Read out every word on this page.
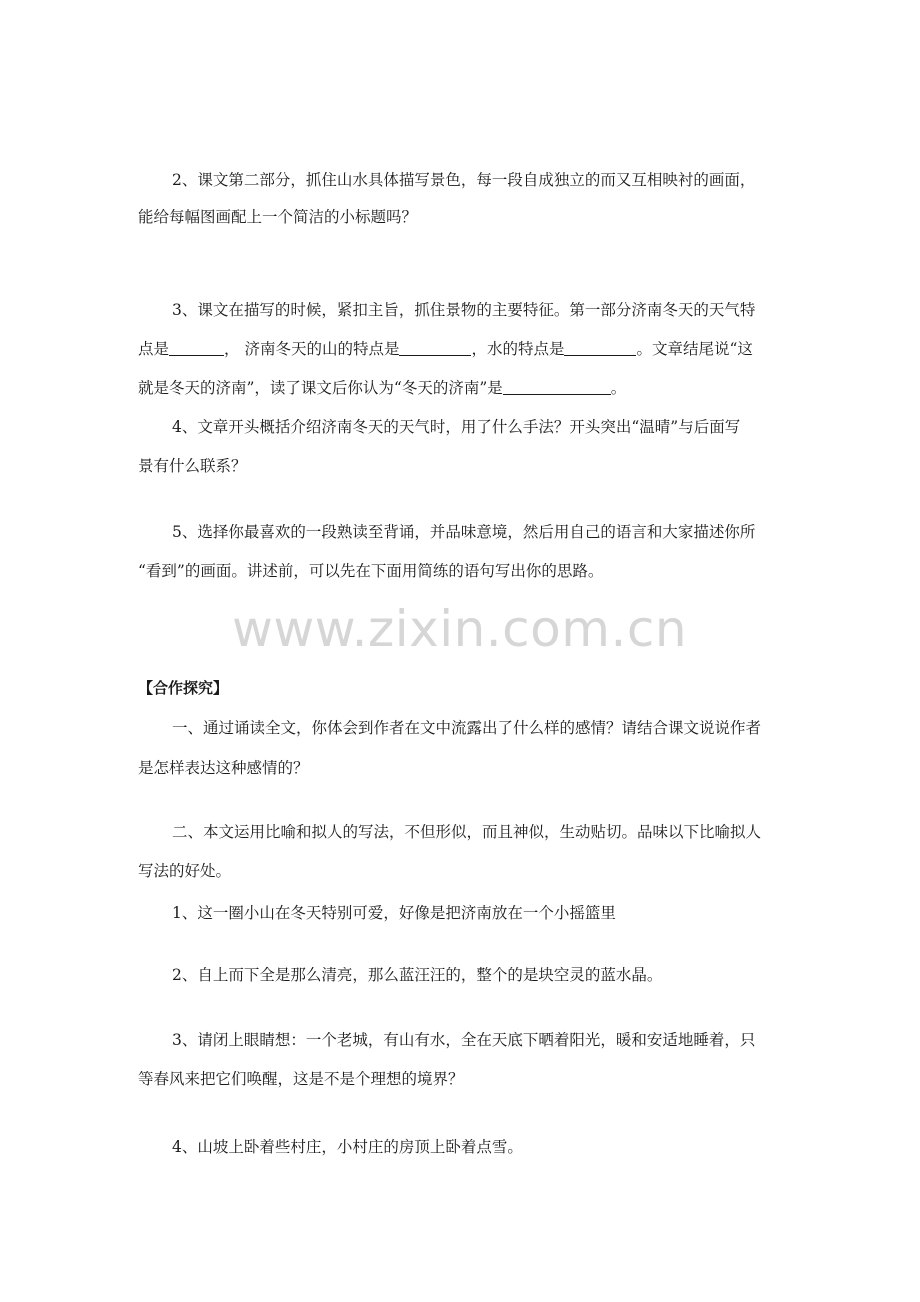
2、课文第二部分，抓住山水具体描写景色，每一段自成独立的而又互相映衬的画面，
能给每幅图画配上一个简洁的小标题吗？
3、课文在描写的时候，紧扣主旨，抓住景物的主要特征。第一部分济南冬天的天气特
点是	， 济南冬天的山的特点是	，水的特点是	。文章结尾说“这
就是冬天的济南”，读了课文后你认为“冬天的济南”是	。
4、文章开头概括介绍济南冬天的天气时，用了什么手法？开头突出“温晴”与后面写
景有什么联系？
5、选择你最喜欢的一段熟读至背诵，并品味意境，然后用自己的语言和大家描述你所
“看到”的画面。讲述前，可以先在下面用简练的语句写出你的思路。
www.zixin.com.cn
【合作探究】
一、通过诵读全文，你体会到作者在文中流露出了什么样的感情？请结合课文说说作者
是怎样表达这种感情的？
二、本文运用比喻和拟人的写法，不但形似，而且神似，生动贴切。品味以下比喻拟人
写法的好处。
1、这一圈小山在冬天特别可爱，好像是把济南放在一个小摇篮里
2、自上而下全是那么清亮，那么蓝汪汪的，整个的是块空灵的蓝水晶。
3、请闭上眼睛想：一个老城，有山有水，全在天底下晒着阳光，暖和安适地睡着，只
等春风来把它们唤醒，这是不是个理想的境界？
4、山坡上卧着些村庄，小村庄的房顶上卧着点雪。
